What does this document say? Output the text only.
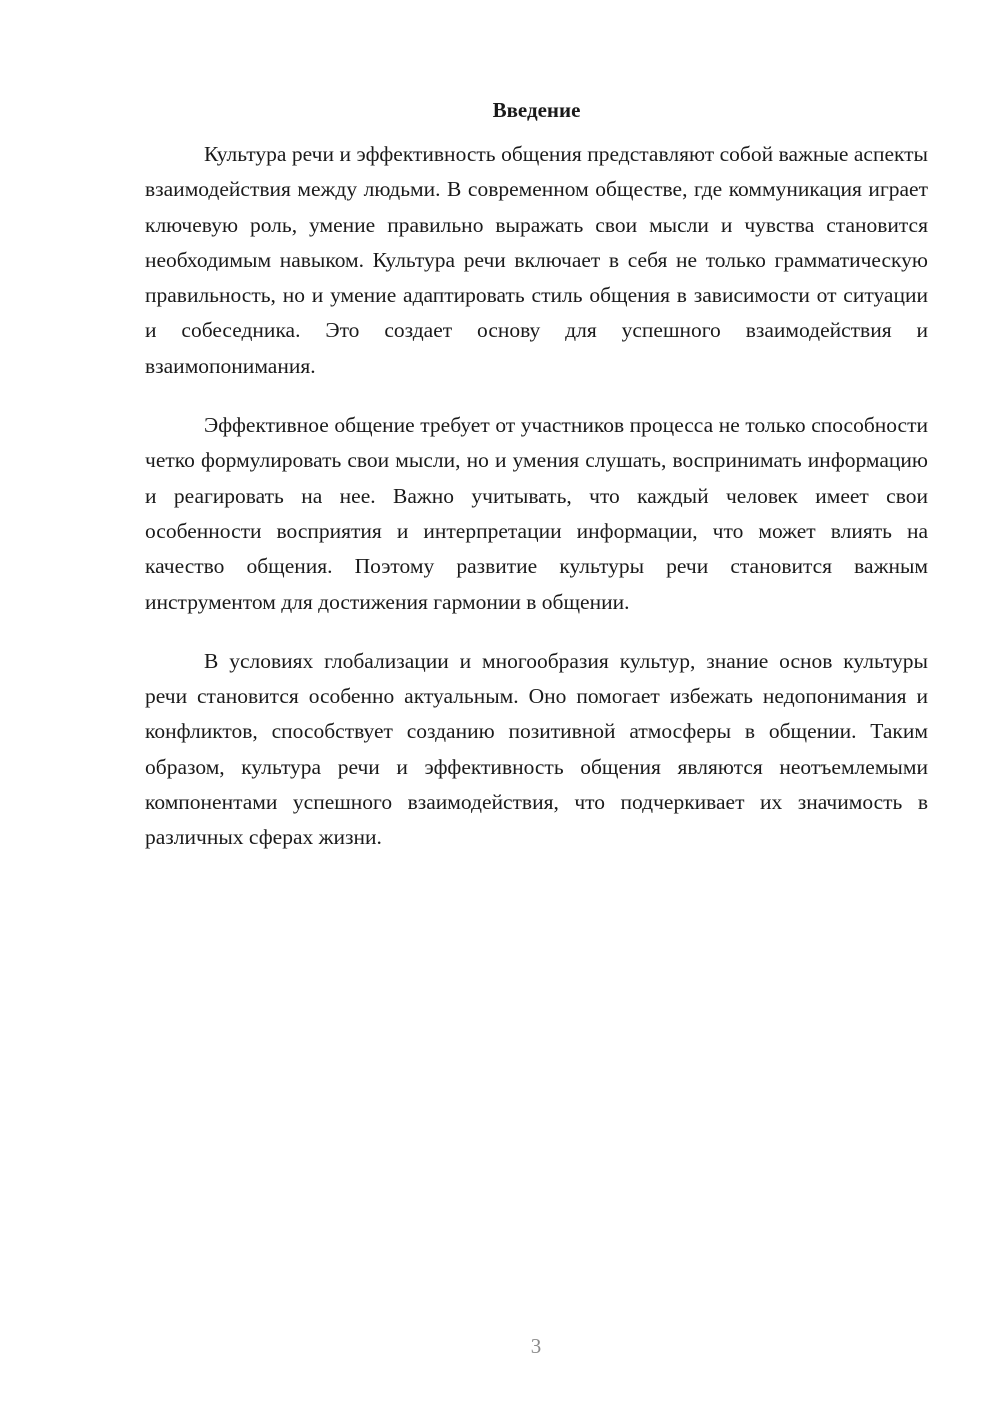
Введение

Культура речи и эффективность общения представляют собой важные аспекты взаимодействия между людьми. В современном обществе, где коммуникация играет ключевую роль, умение правильно выражать свои мысли и чувства становится необходимым навыком. Культура речи включает в себя не только грамматическую правильность, но и умение адаптировать стиль общения в зависимости от ситуации и собеседника. Это создает основу для успешного взаимодействия и взаимопонимания.

Эффективное общение требует от участников процесса не только способности четко формулировать свои мысли, но и умения слушать, воспринимать информацию и реагировать на нее. Важно учитывать, что каждый человек имеет свои особенности восприятия и интерпретации информации, что может влиять на качество общения. Поэтому развитие культуры речи становится важным инструментом для достижения гармонии в общении.

В условиях глобализации и многообразия культур, знание основ культуры речи становится особенно актуальным. Оно помогает избежать недопонимания и конфликтов, способствует созданию позитивной атмосферы в общении. Таким образом, культура речи и эффективность общения являются неотъемлемыми компонентами успешного взаимодействия, что подчеркивает их значимость в различных сферах жизни.

3
